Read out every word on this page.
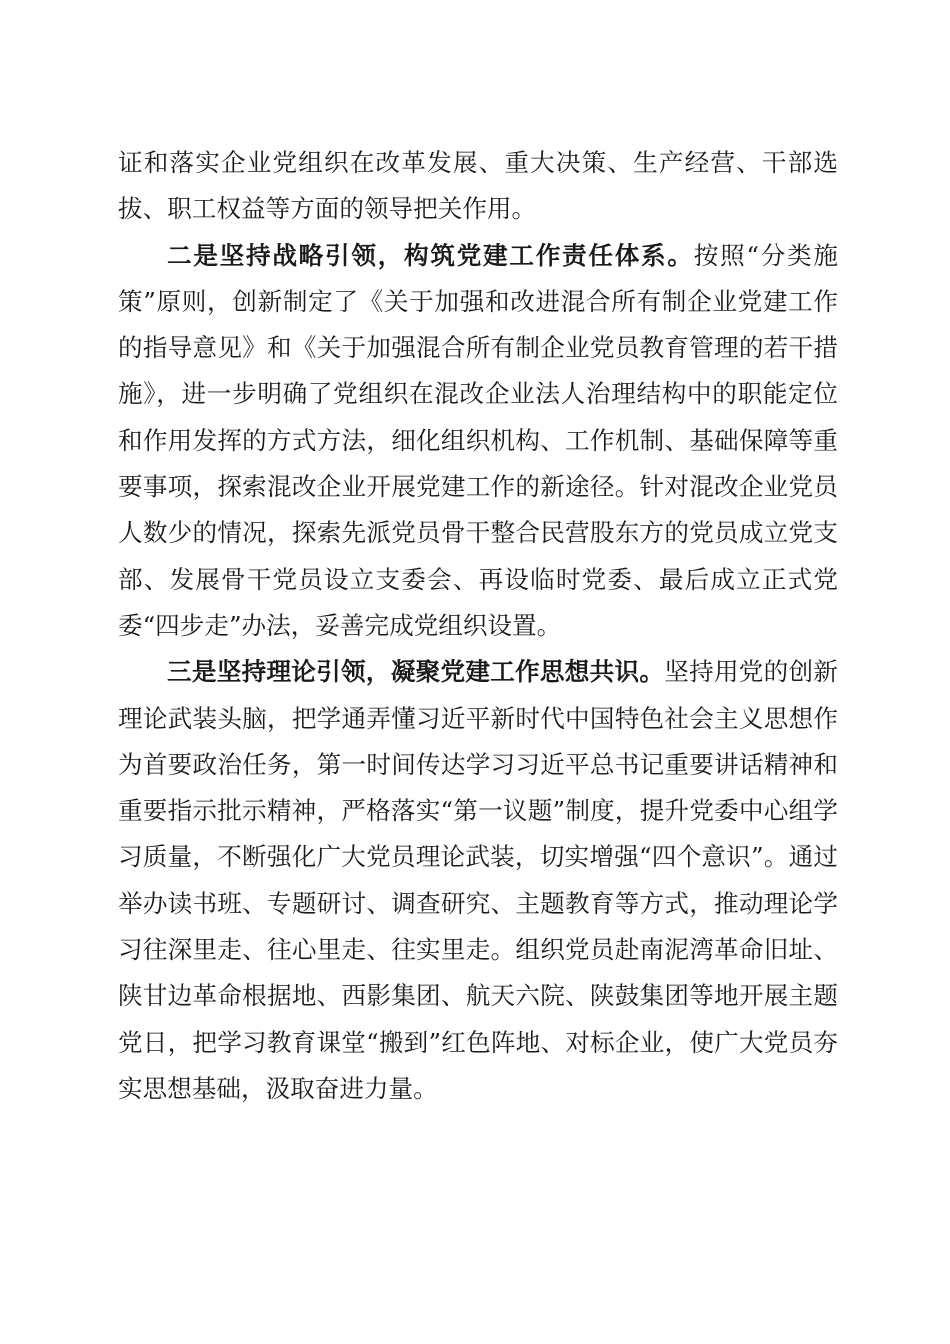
证和落实企业党组织在改革发展、重大决策、生产经营、干部选拔、职工权益等方面的领导把关作用。

二是坚持战略引领，构筑党建工作责任体系。按照“分类施策”原则，创新制定了《关于加强和改进混合所有制企业党建工作的指导意见》和《关于加强混合所有制企业党员教育管理的若干措施》，进一步明确了党组织在混改企业法人治理结构中的职能定位和作用发挥的方式方法，细化组织机构、工作机制、基础保障等重要事项，探索混改企业开展党建工作的新途径。针对混改企业党员人数少的情况，探索先派党员骨干整合民营股东方的党员成立党支部、发展骨干党员设立支委会、再设临时党委、最后成立正式党委“四步走”办法，妥善完成党组织设置。

三是坚持理论引领，凝聚党建工作思想共识。坚持用党的创新理论武装头脑，把学通弄懂习近平新时代中国特色社会主义思想作为首要政治任务，第一时间传达学习习近平总书记重要讲话精神和重要指示批示精神，严格落实“第一议题”制度，提升党委中心组学习质量，不断强化广大党员理论武装，切实增强“四个意识”。通过举办读书班、专题研讨、调查研究、主题教育等方式，推动理论学习往深里走、往心里走、往实里走。组织党员赴南泥湾革命旧址、陕甘边革命根据地、西影集团、航天六院、陕鼓集团等地开展主题党日，把学习教育课堂“搬到”红色阵地、对标企业，使广大党员夯实思想基础，汲取奋进力量。
